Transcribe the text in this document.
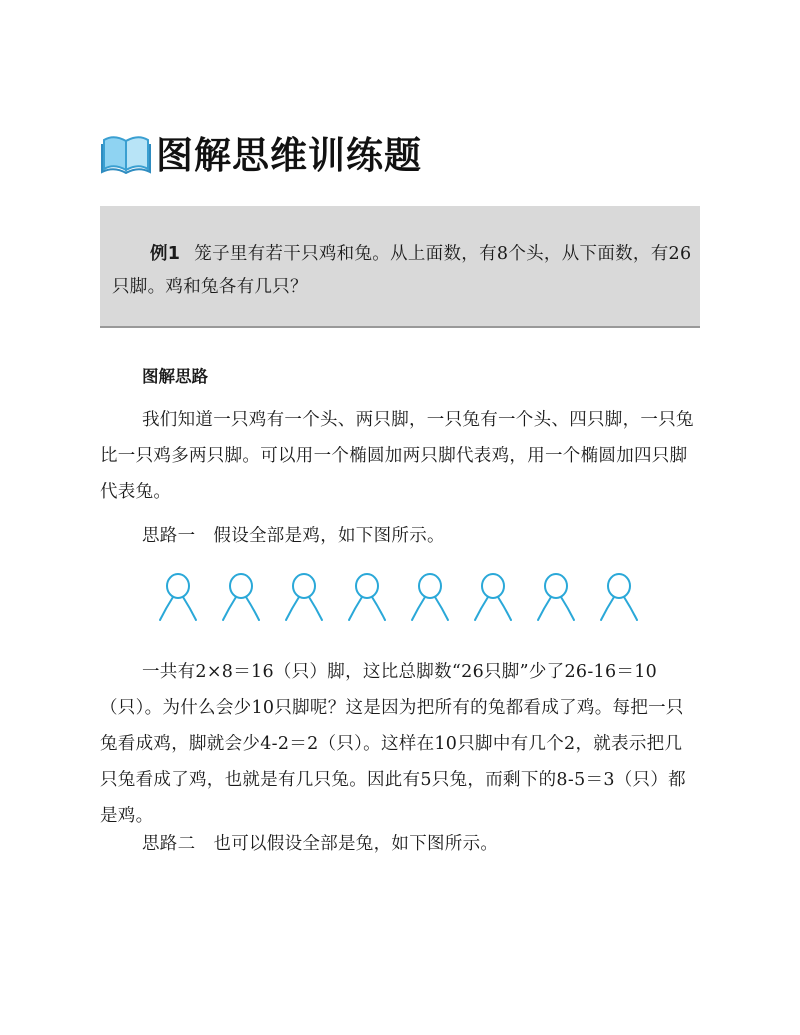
图解思维训练题
例1 笼子里有若干只鸡和兔。从上面数，有8个头，从下面数，有26只脚。鸡和兔各有几只？
图解思路

我们知道一只鸡有一个头、两只脚，一只兔有一个头、四只脚，一只兔比一只鸡多两只脚。可以用一个椭圆加两只脚代表鸡，用一个椭圆加四只脚代表兔。

思路一 假设全部是鸡，如下图所示。

一共有2×8＝16（只）脚，这比总脚数“26只脚”少了26-16＝10（只）。为什么会少10只脚呢？这是因为把所有的兔都看成了鸡。每把一只兔看成鸡，脚就会少4-2＝2（只）。这样在10只脚中有几个2，就表示把几只兔看成了鸡，也就是有几只兔。因此有5只兔，而剩下的8-5＝3（只）都是鸡。

思路二 也可以假设全部是兔，如下图所示。
